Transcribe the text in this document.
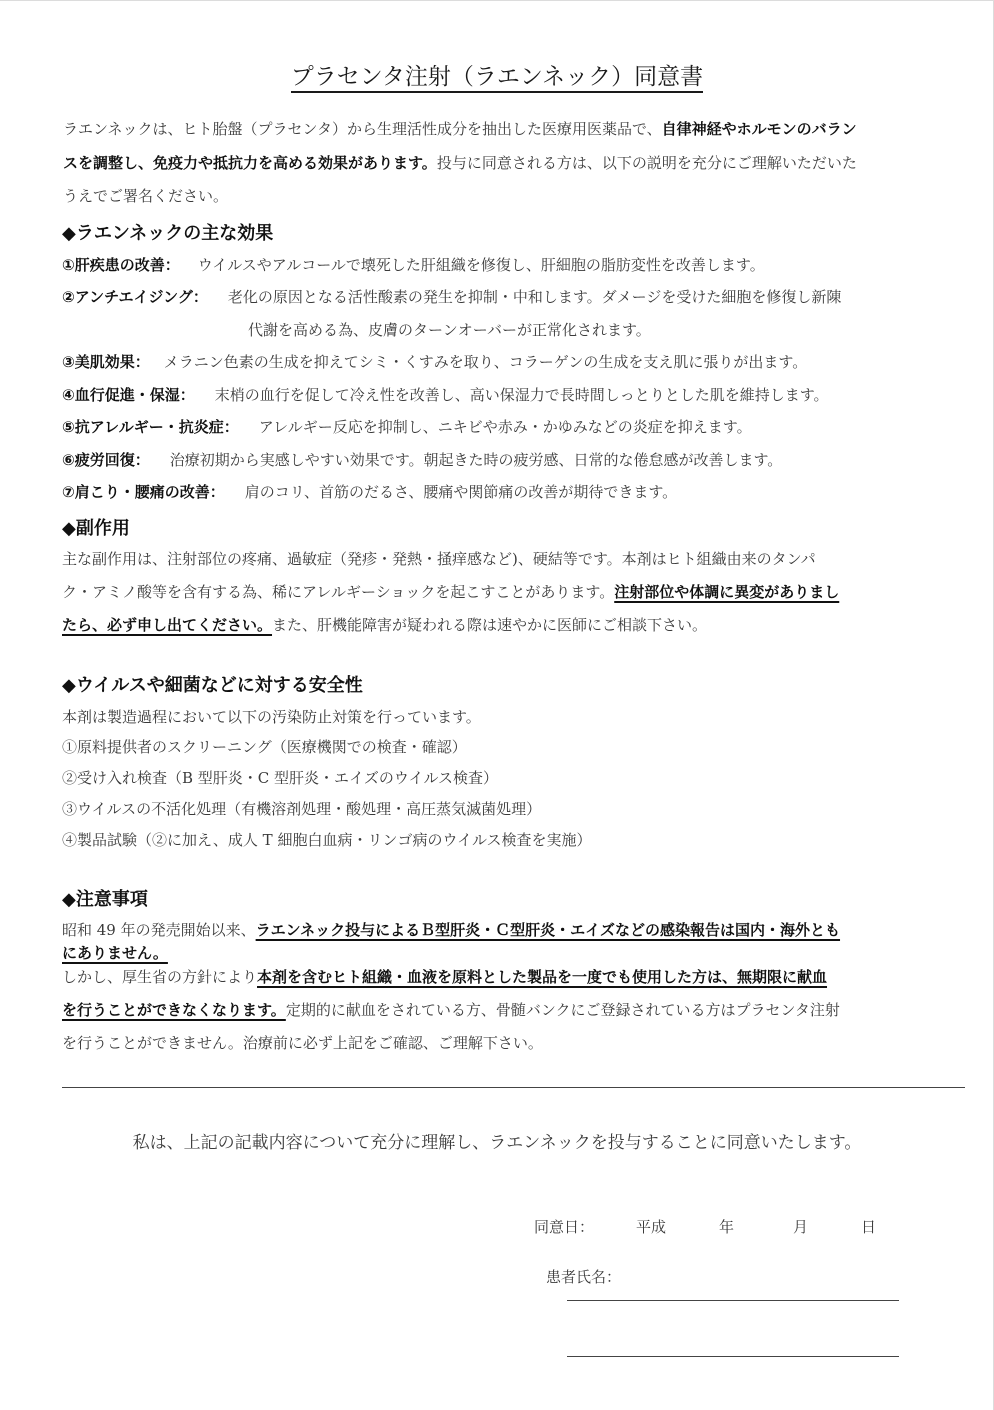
プラセンタ注射（ラエンネック）同意書
ラエンネックは、ヒト胎盤（プラセンタ）から生理活性成分を抽出した医療用医薬品で、自律神経やホルモンのバラン
スを調整し、免疫力や抵抗力を高める効果があります。投与に同意される方は、以下の説明を充分にご理解いただいた
うえでご署名ください。
◆ラエンネックの主な効果
①肝疾患の改善： ウイルスやアルコールで壊死した肝組織を修復し、肝細胞の脂肪変性を改善します。
②アンチエイジング： 老化の原因となる活性酸素の発生を抑制・中和します。ダメージを受けた細胞を修復し新陳
代謝を高める為、皮膚のターンオーバーが正常化されます。
③美肌効果： メラニン色素の生成を抑えてシミ・くすみを取り、コラーゲンの生成を支え肌に張りが出ます。
④血行促進・保湿： 末梢の血行を促して冷え性を改善し、高い保湿力で長時間しっとりとした肌を維持します。
⑤抗アレルギー・抗炎症： アレルギー反応を抑制し、ニキビや赤み・かゆみなどの炎症を抑えます。
⑥疲労回復： 治療初期から実感しやすい効果です。朝起きた時の疲労感、日常的な倦怠感が改善します。
⑦肩こり・腰痛の改善： 肩のコリ、首筋のだるさ、腰痛や関節痛の改善が期待できます。
◆副作用
主な副作用は、注射部位の疼痛、過敏症（発疹・発熱・掻痒感など)、硬結等です。本剤はヒト組織由来のタンパ
ク・アミノ酸等を含有する為、稀にアレルギーショックを起こすことがあります。注射部位や体調に異変がありまし
たら、必ず申し出てください。また、肝機能障害が疑われる際は速やかに医師にご相談下さい。
◆ウイルスや細菌などに対する安全性
本剤は製造過程において以下の汚染防止対策を行っています。
①原料提供者のスクリーニング（医療機関での検査・確認）
②受け入れ検査（B 型肝炎・C 型肝炎・エイズのウイルス検査）
③ウイルスの不活化処理（有機溶剤処理・酸処理・高圧蒸気滅菌処理）
④製品試験（②に加え、成人 T 細胞白血病・リンゴ病のウイルス検査を実施）
◆注意事項
昭和 49 年の発売開始以来、ラエンネック投与によるＢ型肝炎・Ｃ型肝炎・エイズなどの感染報告は国内・海外とも
にありません。
しかし、厚生省の方針により本剤を含むヒト組織・血液を原料とした製品を一度でも使用した方は、無期限に献血
を行うことができなくなります。定期的に献血をされている方、骨髄バンクにご登録されている方はプラセンタ注射
を行うことができません。治療前に必ず上記をご確認、ご理解下さい。
私は、上記の記載内容について充分に理解し、ラエンネックを投与することに同意いたします。
同意日：	平成	年	月	日
患者氏名：
